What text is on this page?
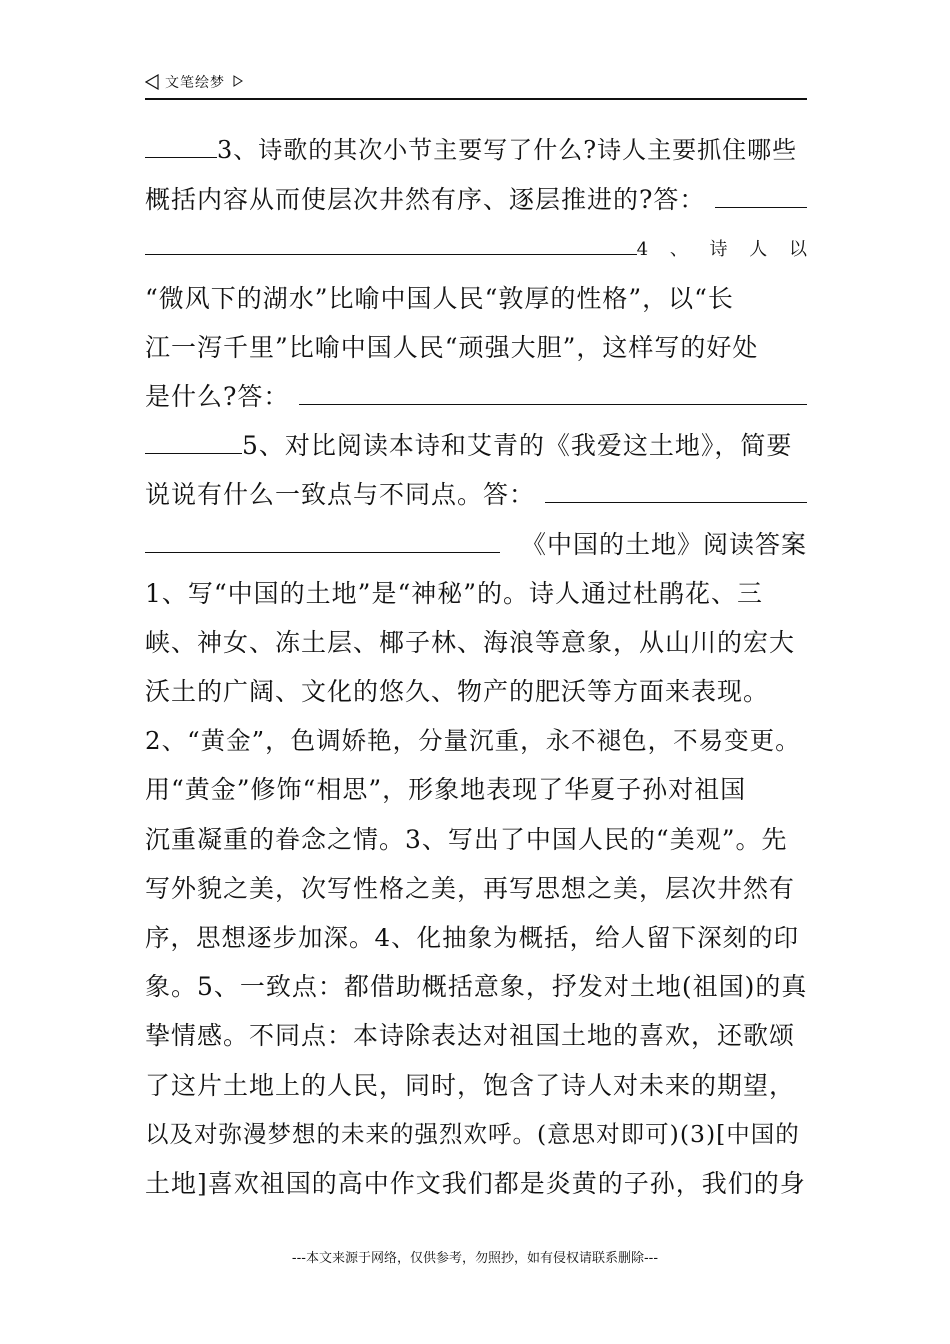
文笔绘梦
3、诗歌的其次小节主要写了什么?诗人主要抓住哪些
概括内容从而使层次井然有序、逐层推进的?答：
4 、 诗 人 以
“微风下的湖水”比喻中国人民“敦厚的性格”，以“长
江一泻千里”比喻中国人民“顽强大胆”，这样写的好处
是什么?答：
5、对比阅读本诗和艾青的《我爱这土地》，简要
说说有什么一致点与不同点。答：
《中国的土地》阅读答案
1、写“中国的土地”是“神秘”的。诗人通过杜鹃花、三
峡、神女、冻土层、椰子林、海浪等意象，从山川的宏大
沃土的广阔、文化的悠久、物产的肥沃等方面来表现。
2、“黄金”，色调娇艳，分量沉重，永不褪色，不易变更。
用“黄金”修饰“相思”，形象地表现了华夏子孙对祖国
沉重凝重的眷念之情。3、写出了中国人民的“美观”。先
写外貌之美，次写性格之美，再写思想之美，层次井然有
序，思想逐步加深。4、化抽象为概括，给人留下深刻的印
象。5、一致点：都借助概括意象，抒发对土地(祖国)的真
挚情感。不同点：本诗除表达对祖国土地的喜欢，还歌颂
了这片土地上的人民，同时，饱含了诗人对未来的期望，
以及对弥漫梦想的未来的强烈欢呼。(意思对即可)(3)[中国的
土地]喜欢祖国的高中作文我们都是炎黄的子孙，我们的身
---本文来源于网络，仅供参考，勿照抄，如有侵权请联系删除---
